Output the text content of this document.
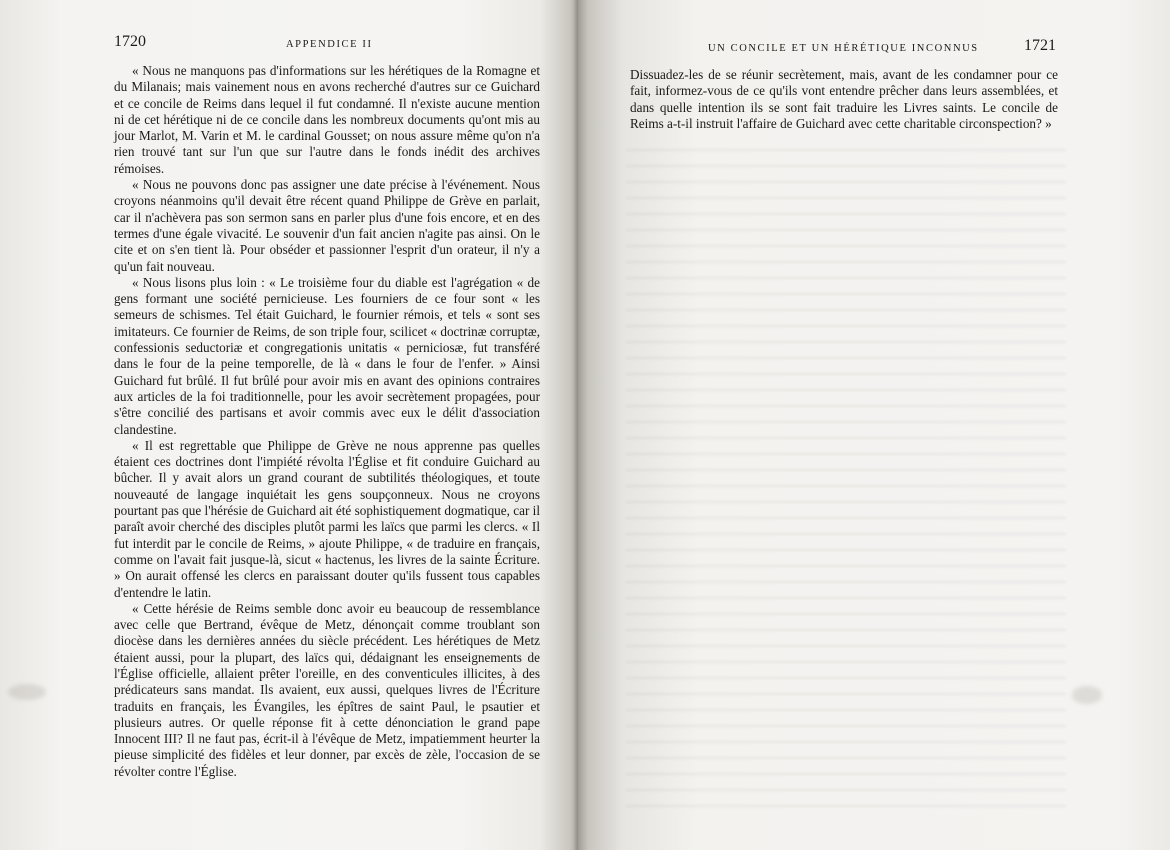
1720	APPENDICE II

« Nous ne manquons pas d'informations sur les hérétiques de la Romagne et du Milanais; mais vainement nous en avons recherché d'autres sur ce Guichard et ce concile de Reims dans lequel il fut condamné. Il n'existe aucune mention ni de cet hérétique ni de ce concile dans les nombreux documents qu'ont mis au jour Marlot, M. Varin et M. le cardinal Gousset; on nous assure même qu'on n'a rien trouvé tant sur l'un que sur l'autre dans le fonds inédit des archives rémoises.

« Nous ne pouvons donc pas assigner une date précise à l'événement. Nous croyons néanmoins qu'il devait être récent quand Philippe de Grève en parlait, car il n'achèvera pas son sermon sans en parler plus d'une fois encore, et en des termes d'une égale vivacité. Le souvenir d'un fait ancien n'agite pas ainsi. On le cite et on s'en tient là. Pour obséder et passionner l'esprit d'un orateur, il n'y a qu'un fait nouveau.

« Nous lisons plus loin : « Le troisième four du diable est l'agrégation « de gens formant une société pernicieuse. Les fourniers de ce four sont « les semeurs de schismes. Tel était Guichard, le fournier rémois, et tels « sont ses imitateurs. Ce fournier de Reims, de son triple four, scilicet « doctrinæ corruptæ, confessionis seductoriæ et congregationis unitatis « perniciosæ, fut transféré dans le four de la peine temporelle, de là « dans le four de l'enfer. » Ainsi Guichard fut brûlé. Il fut brûlé pour avoir mis en avant des opinions contraires aux articles de la foi traditionnelle, pour les avoir secrètement propagées, pour s'être concilié des partisans et avoir commis avec eux le délit d'association clandestine.

« Il est regrettable que Philippe de Grève ne nous apprenne pas quelles étaient ces doctrines dont l'impiété révolta l'Église et fit conduire Guichard au bûcher. Il y avait alors un grand courant de subtilités théologiques, et toute nouveauté de langage inquiétait les gens soupçonneux. Nous ne croyons pourtant pas que l'hérésie de Guichard ait été sophistiquement dogmatique, car il paraît avoir cherché des disciples plutôt parmi les laïcs que parmi les clercs. « Il fut interdit par le concile de Reims, » ajoute Philippe, « de traduire en français, comme on l'avait fait jusque-là, sicut « hactenus, les livres de la sainte Écriture. » On aurait offensé les clercs en paraissant douter qu'ils fussent tous capables d'entendre le latin.

« Cette hérésie de Reims semble donc avoir eu beaucoup de ressemblance avec celle que Bertrand, évêque de Metz, dénonçait comme troublant son diocèse dans les dernières années du siècle précédent. Les hérétiques de Metz étaient aussi, pour la plupart, des laïcs qui, dédaignant les enseignements de l'Église officielle, allaient prêter l'oreille, en des conventicules illicites, à des prédicateurs sans mandat. Ils avaient, eux aussi, quelques livres de l'Écriture traduits en français, les Évangiles, les épîtres de saint Paul, le psautier et plusieurs autres. Or quelle réponse fit à cette dénonciation le grand pape Innocent III? Il ne faut pas, écrit-il à l'évêque de Metz, impatiemment heurter la pieuse simplicité des fidèles et leur donner, par excès de zèle, l'occasion de se révolter contre l'Église.

UN CONCILE ET UN HÉRÉTIQUE INCONNUS	1721

Dissuadez-les de se réunir secrètement, mais, avant de les condamner pour ce fait, informez-vous de ce qu'ils vont entendre prêcher dans leurs assemblées, et dans quelle intention ils se sont fait traduire les Livres saints. Le concile de Reims a-t-il instruit l'affaire de Guichard avec cette charitable circonspection? »
